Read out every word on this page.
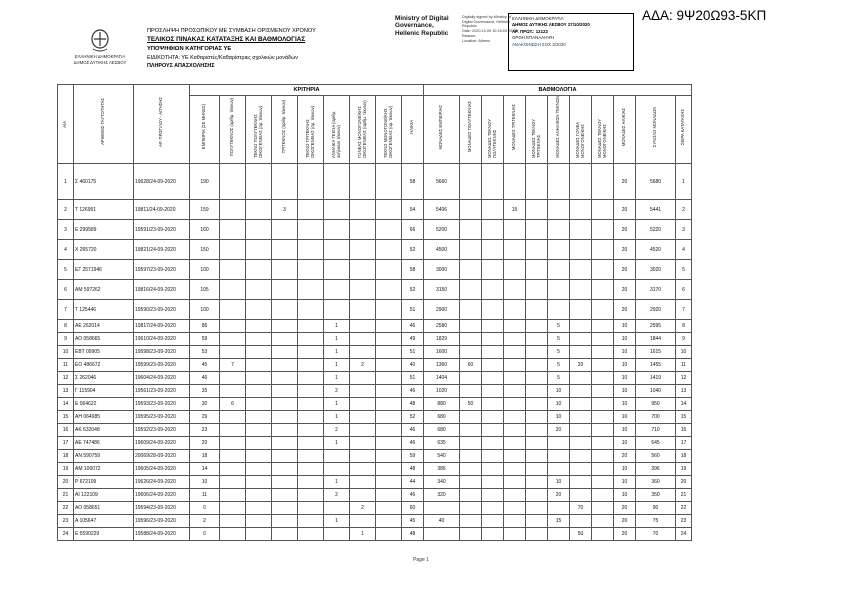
ΑΔΑ: 9Ψ20Ω93-5ΚΠ
ΕΛΛΗΝΙΚΗ ΔΗΜΟΚΡΑΤΙΑ
ΔΗΜΟΣ ΔΥΤΙΚΗΣ ΛΕΣΒΟΥ
ΠΡΟΣΛΗΨΗ ΠΡΟΣΩΠΙΚΟΥ ΜΕ ΣΥΜΒΑΣΗ ΟΡΙΣΜΕΝΟΥ ΧΡΟΝΟΥ
ΤΕΛΙΚΟΣ ΠΙΝΑΚΑΣ ΚΑΤΑΤΑΞΗΣ ΚΑΙ ΒΑΘΜΟΛΟΓΙΑΣ
ΥΠΟΨΗΦΙΩΝ ΚΑΤΗΓΟΡΙΑΣ ΥΕ
ΕΙΔΙΚΟΤΗΤΑ: ΥΕ Καθαριστές/Καθαρίστριες σχολικών μονάδων
ΠΛΗΡΟΥΣ ΑΠΑΣΧΟΛΗΣΗΣ
Ministry of Digital Governance, Hellenic Republic
Digitally signed by Ministry of Digital Governance, Hellenic Republic
Date: 2020.10.09 10:16:03 EEST
Reason:
Location: Athens
ΕΛΛΗΝΙΚΗ ΔΗΜΟΚΡΑΤΙΑ
ΔΗΜΟΣ ΔΥΤΙΚΗΣ ΛΕΣΒΟΥ 27/10/2020
ΑΡ. ΠΡΩΤ.: 12122
ΟΡΘΗ ΕΠΑΝΑΛΗΨΗ
ΑΝΑΚΟΙΝΩΣΗ ΣΟΧ 3/2020
Α/Α	ΑΡΙΘΜΟΣ ΤΑΥΤΟΤΗΤΑΣ	ΑΡ. ΠΡΩΤ/ΛΟΥ - ΑΙΤΗΣΗΣ	ΚΡΙΤΗΡΙΑ									ΒΑΘΜΟΛΟΓΙΑ										
			ΕΜΠΕΙΡΙΑ (ΣΕ ΜΗΝΕΣ)	ΠΟΛΥΤΕΚΝΟΣ (αριθμ. τέκνων)	ΤΕΚΝΟ ΠΟΛΥΤΕΚΝΗΣ ΟΙΚΟΓΕΝΕΙΑΣ (αρ. τέκνων)	ΤΡΙΤΕΚΝΟΣ (αριθμ. τέκνων)	ΤΕΚΝΟ ΤΡΙΤΕΚΝΗΣ ΟΙΚΟΓΕΝΕΙΑΣ (αρ. τέκνων)	ΑΝΗΛΙΚΑ ΤΕΚΝΑ (αριθμ. ανήλικων τέκνων)	ΓΟΝΕΑΣ ΜΟΝΟΓΟΝΕΪΚΗΣ ΟΙΚΟΓΕΝΕΙΑΣ (αριθμ. τέκνων)	ΤΕΚΝΟ ΜΟΝΟΓΟΝΕΪΚΗΣ ΟΙΚΟΓΕΝΕΙΑΣ (αρ. τέκνων)	ΗΛΙΚΙΑ	ΜΟΝΑΔΕΣ ΕΜΠΕΙΡΙΑΣ	ΜΟΝΑΔΕΣ ΠΟΛΥΤΕΚΝΙΑΣ	ΜΟΝΑΔΕΣ ΤΕΚΝΟΥ ΠΟΛΥΤΕΚΝΗΣ	ΜΟΝΑΔΕΣ ΤΡΙΤΕΚΝΙΑΣ	ΜΟΝΑΔΕΣ ΤΕΚΝΟΥ ΤΡΙΤΕΚΝΗΣ	ΜΟΝΑΔΕΣ ΑΝΗΛΙΚΩΝ ΤΕΚΝΩΝ	ΜΟΝΑΔΕΣ ΓΟΝΕΑ ΜΟΝΟΓΟΝΕΪΚΗΣ	ΜΟΝΑΔΕΣ ΤΕΚΝΟΥ ΜΟΝΟΓΟΝΕΪΚΗΣ	ΜΟΝΑΔΕΣ ΗΛΙΚΙΑΣ	ΣΥΝΟΛΟ ΜΟΝΑΔΩΝ	ΣΕΙΡΑ ΚΑΤΑΤΑΞΗΣ
1	Σ 460175	19628/24-09-2020	190								58	5660								20	5680	1
2	Τ 126951	19811/24-09-2020	159			3					54	5406			15					20	5441	2
3	Ε 299589	19591/23-09-2020	160								66	5200								20	5220	3
4	Χ 265720	19821/24-09-2020	150								52	4500								20	4520	4
5	ΕΓ 2571946	19597/23-09-2020	100								58	3000								20	3020	5
6	ΑΜ 597262	19816/24-09-2020	105								52	3150								20	3170	6
7	Τ 125446	19590/23-09-2020	100								51	2900								20	2920	7
8	ΑΕ 262014	19817/24-09-2020	86					1			46	2580					5			10	2595	8
9	ΑΟ 058665	19610/24-09-2020	59					1			49	1829					5			10	1844	9
10	ΕΒΤ 09905	19598/23-09-2020	53					1			51	1600					5			10	1615	10
11	ΕΟ 486672	19599/23-09-2020	45	7				1	2		40	1360	60				5	20		10	1455	11
12	Σ 262046	19604/24-09-2020	46					1			51	1404					5			10	1419	12
13	Γ 115904	19561/23-09-2020	35					2			46	1020					10			10	1040	13
14	Ε 064622	19593/23-09-2020	30	6				1			48	880	50				10			10	950	14
15	ΑΗ 064985	19595/23-09-2020	29					1			52	680					10			10	700	15
16	ΑΚ 632048	19592/23-09-2020	23					2			46	680					20			10	710	16
17	ΑΕ 747486	19609/24-09-2020	20					1			46	635								10	645	17
18	ΑΝ 590759	20069/28-09-2020	18								59	540								20	560	18
19	ΑΜ 100072	19605/24-09-2020	14								48	386								10	396	19
20	Ρ 672109	19626/24-09-2020	10					1			44	340					10			10	360	20
21	ΑΙ 122109	19606/24-09-2020	11					2			46	320					20			10	350	21
22	ΑΟ 058651	19594/23-09-2020	0						2		60							70		20	90	22
23	Α 105647	19596/23-09-2020	2					1			45	40					15			20	75	23
24	Ε 5590229	19588/24-09-2020	0						1		48							50		20	70	24
Page 1
